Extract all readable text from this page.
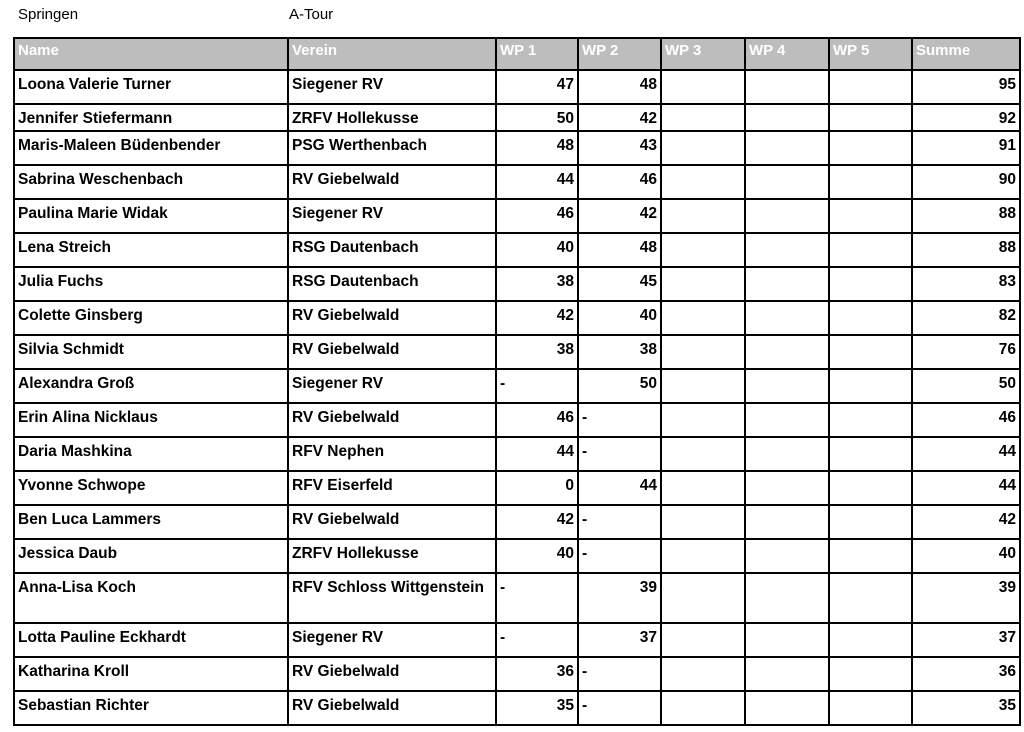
Springen	A-Tour
Name	Verein	WP 1	WP 2	WP 3	WP 4	WP 5	Summe
Loona Valerie Turner	Siegener RV	47	48				95
Jennifer Stiefermann	ZRFV Hollekusse	50	42				92
Maris-Maleen Büdenbender	PSG Werthenbach	48	43				91
Sabrina Weschenbach	RV Giebelwald	44	46				90
Paulina Marie Widak	Siegener RV	46	42				88
Lena Streich	RSG Dautenbach	40	48				88
Julia Fuchs	RSG Dautenbach	38	45				83
Colette Ginsberg	RV Giebelwald	42	40				82
Silvia Schmidt	RV Giebelwald	38	38				76
Alexandra Groß	Siegener RV	-	50				50
Erin Alina Nicklaus	RV Giebelwald	46	-				46
Daria Mashkina	RFV Nephen	44	-				44
Yvonne Schwope	RFV Eiserfeld	0	44				44
Ben Luca Lammers	RV Giebelwald	42	-				42
Jessica Daub	ZRFV Hollekusse	40	-				40
Anna-Lisa Koch	RFV Schloss Wittgenstein	-	39				39
Lotta Pauline Eckhardt	Siegener RV	-	37				37
Katharina Kroll	RV Giebelwald	36	-				36
Sebastian Richter	RV Giebelwald	35	-				35
